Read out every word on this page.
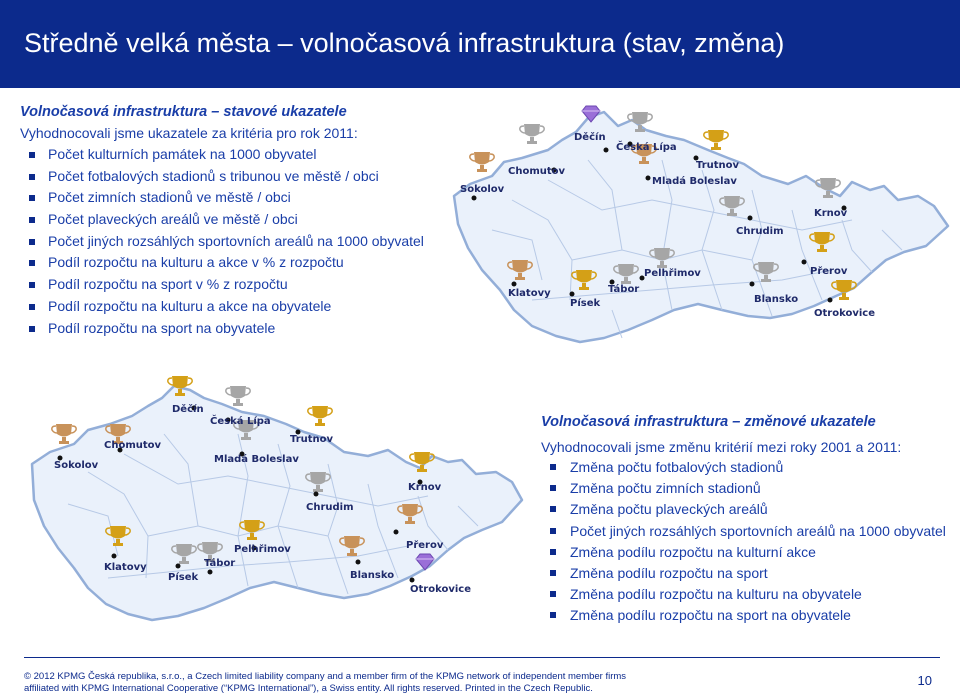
Středně velká města – volnočasová infrastruktura (stav, změna)
Volnočasová infrastruktura – stavové ukazatele
Vyhodnocovali jsme ukazatele za kritéria pro rok 2011:
Počet kulturních památek na 1000 obyvatel
Počet fotbalových stadionů s tribunou ve městě / obci
Počet zimních stadionů ve městě / obci
Počet plaveckých areálů ve městě / obci
Počet jiných rozsáhlých sportovních areálů na 1000 obyvatel
Podíl rozpočtu na kulturu a akce v % z rozpočtu
Podíl rozpočtu na sport v % z rozpočtu
Podíl rozpočtu na kulturu a akce na obyvatele
Podíl rozpočtu na sport na obyvatele
Děčín
Česká Lípa
Chomutov
Trutnov
Sokolov
Mladá Boleslav
Krnov
Chrudim
Pelhřimov	Přerov
Klatovy	Tábor
Blansko
Písek
Otrokovice
Děčín
Česká Lípa
Chomutov
Trutnov
Sokolov
Mladá Boleslav
Krnov
Chrudim
Pelhřimov	Přerov
Klatovy	Tábor
Blansko
Písek
Otrokovice
Volnočasová infrastruktura – změnové ukazatele
Vyhodnocovali jsme změnu kritérií mezi roky 2001 a 2011:
Změna počtu fotbalových stadionů
Změna počtu zimních stadionů
Změna počtu plaveckých areálů
Počet jiných rozsáhlých sportovních areálů na 1000 obyvatel
Změna podílu rozpočtu na kulturní akce
Změna podílu rozpočtu na sport
Změna podílu rozpočtu na kulturu na obyvatele
Změna podílu rozpočtu na sport na obyvatele
© 2012 KPMG Česká republika, s.r.o., a Czech limited liability company and a member firm of the KPMG network of independent member firms
affiliated with KPMG International Cooperative (“KPMG International”), a Swiss entity. All rights reserved. Printed in the Czech Republic.
10
